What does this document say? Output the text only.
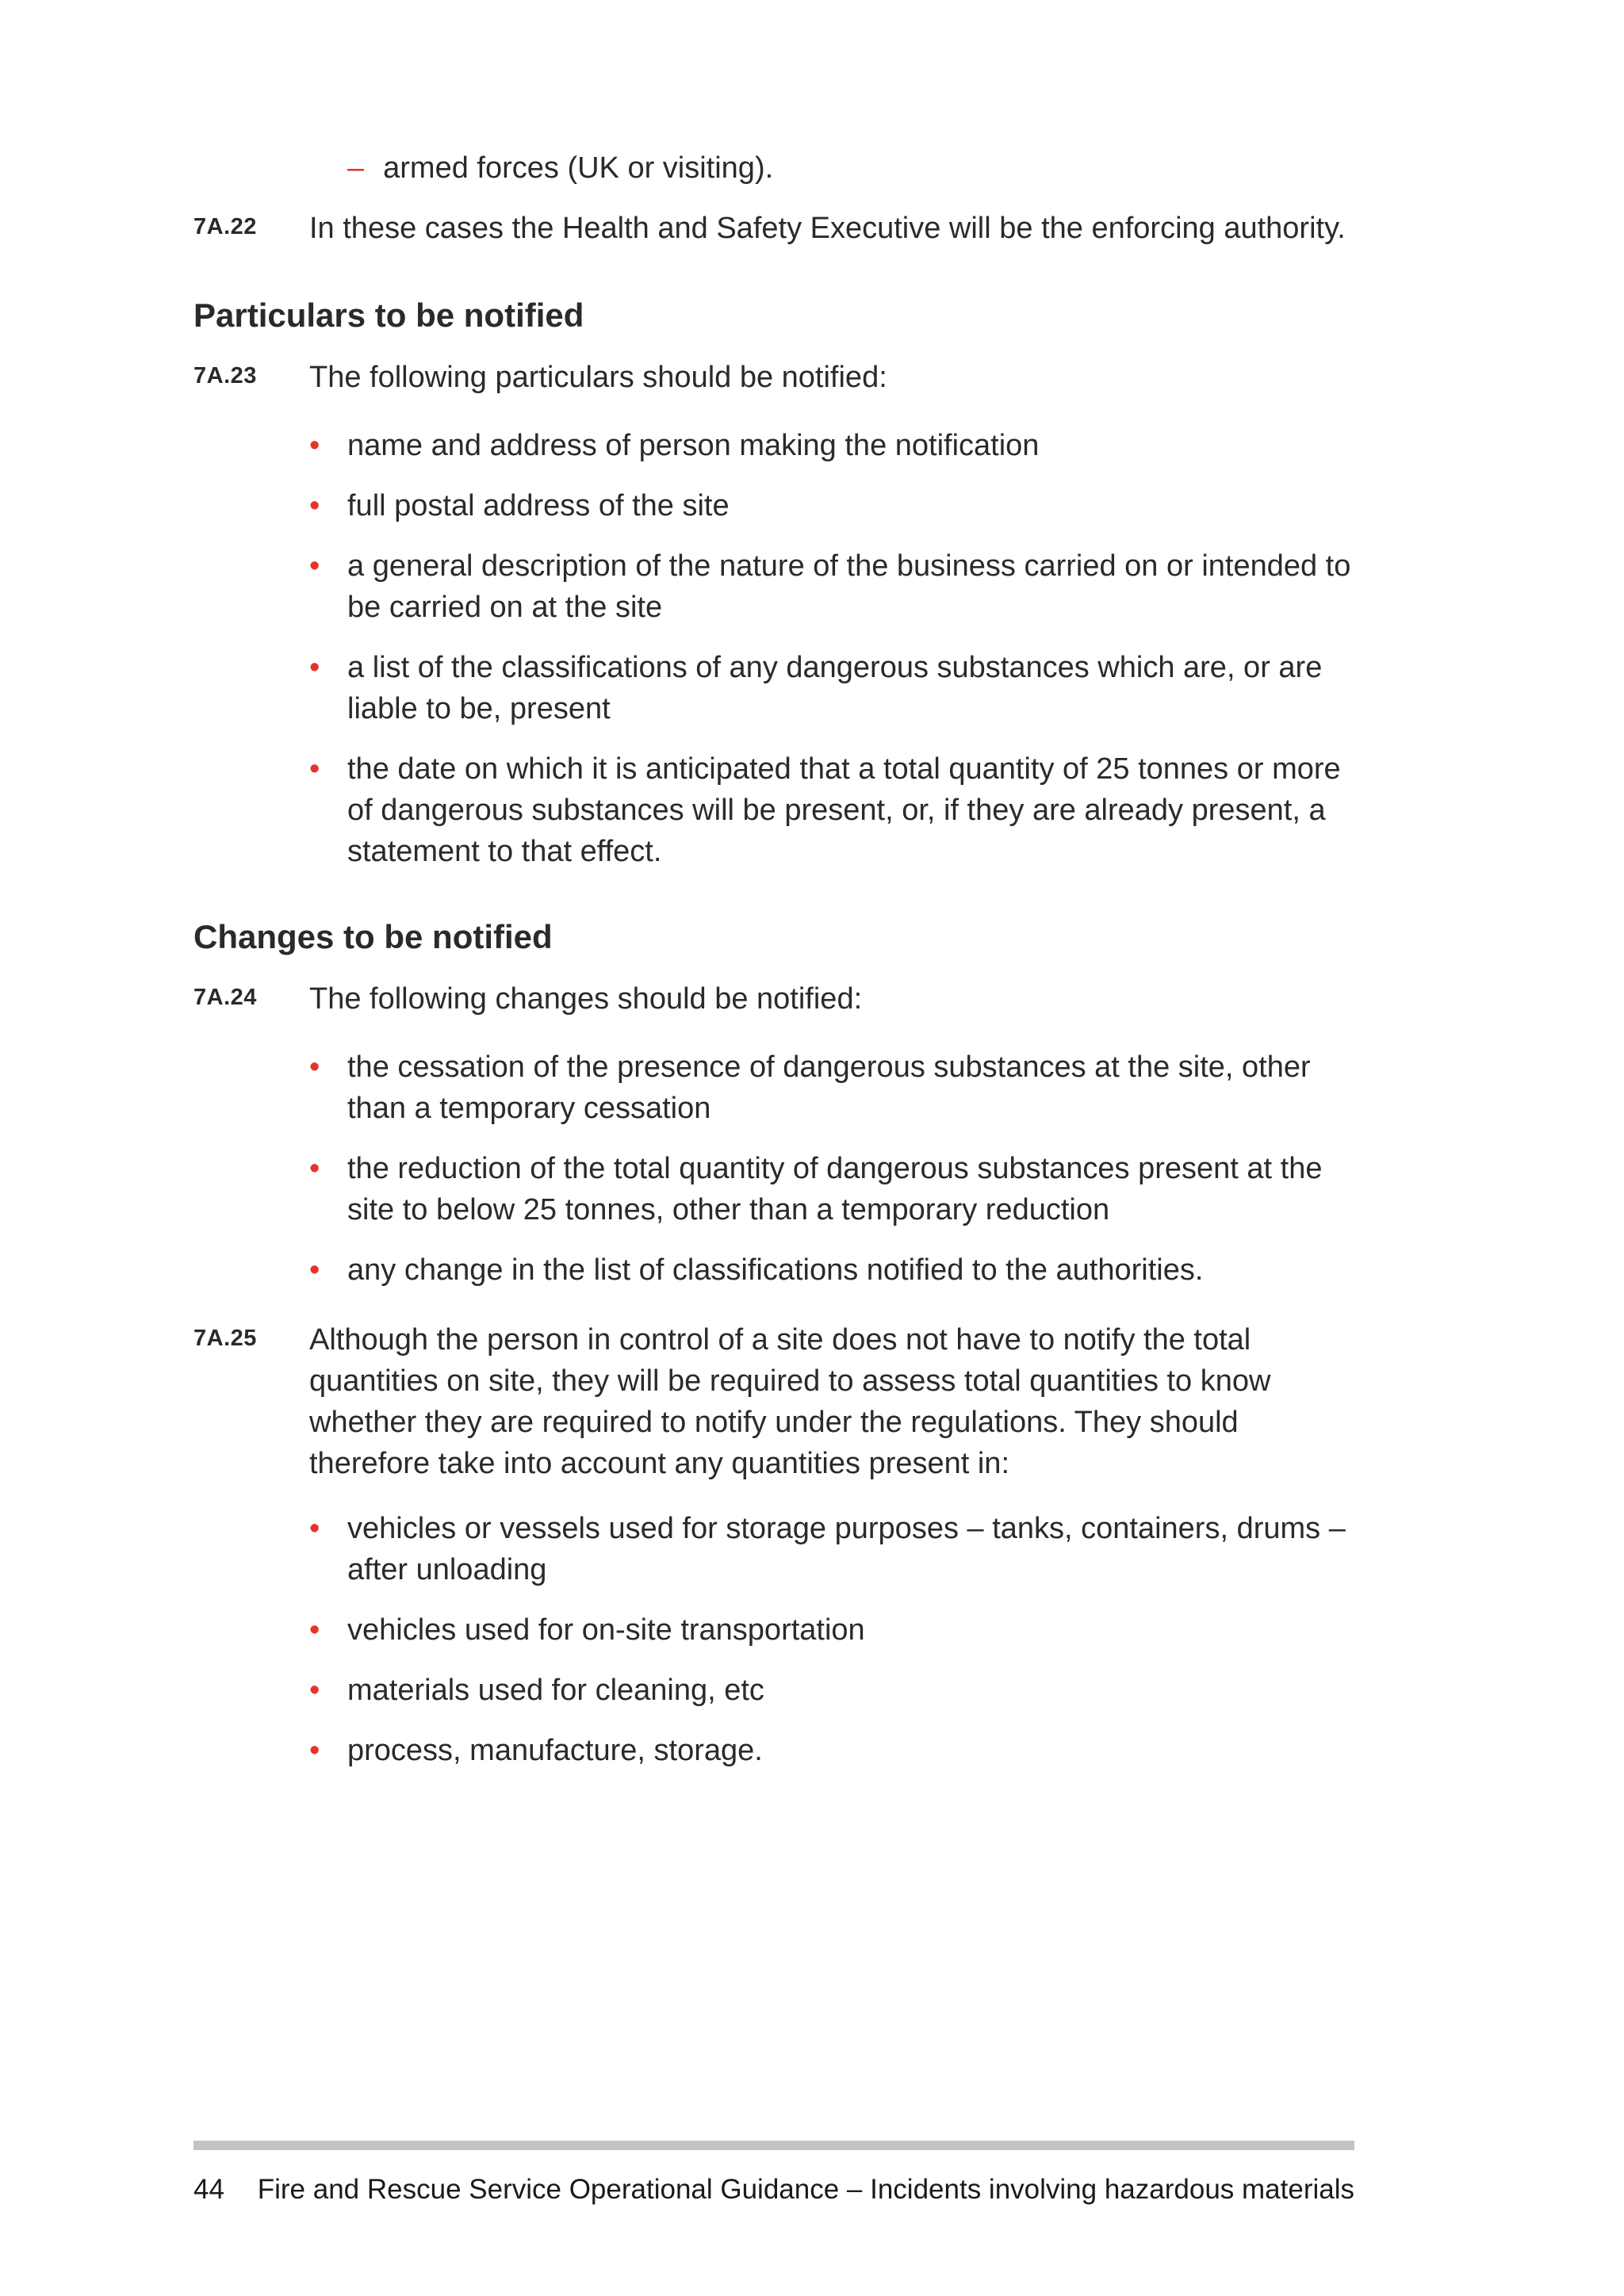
– armed forces (UK or visiting).
7A.22 In these cases the Health and Safety Executive will be the enforcing authority.
Particulars to be notified
7A.23 The following particulars should be notified:
• name and address of person making the notification
• full postal address of the site
• a general description of the nature of the business carried on or intended to be carried on at the site
• a list of the classifications of any dangerous substances which are, or are liable to be, present
• the date on which it is anticipated that a total quantity of 25 tonnes or more of dangerous substances will be present, or, if they are already present, a statement to that effect.
Changes to be notified
7A.24 The following changes should be notified:
• the cessation of the presence of dangerous substances at the site, other than a temporary cessation
• the reduction of the total quantity of dangerous substances present at the site to below 25 tonnes, other than a temporary reduction
• any change in the list of classifications notified to the authorities.
7A.25 Although the person in control of a site does not have to notify the total quantities on site, they will be required to assess total quantities to know whether they are required to notify under the regulations. They should therefore take into account any quantities present in:
• vehicles or vessels used for storage purposes – tanks, containers, drums – after unloading
• vehicles used for on-site transportation
• materials used for cleaning, etc
• process, manufacture, storage.
44 Fire and Rescue Service Operational Guidance – Incidents involving hazardous materials
